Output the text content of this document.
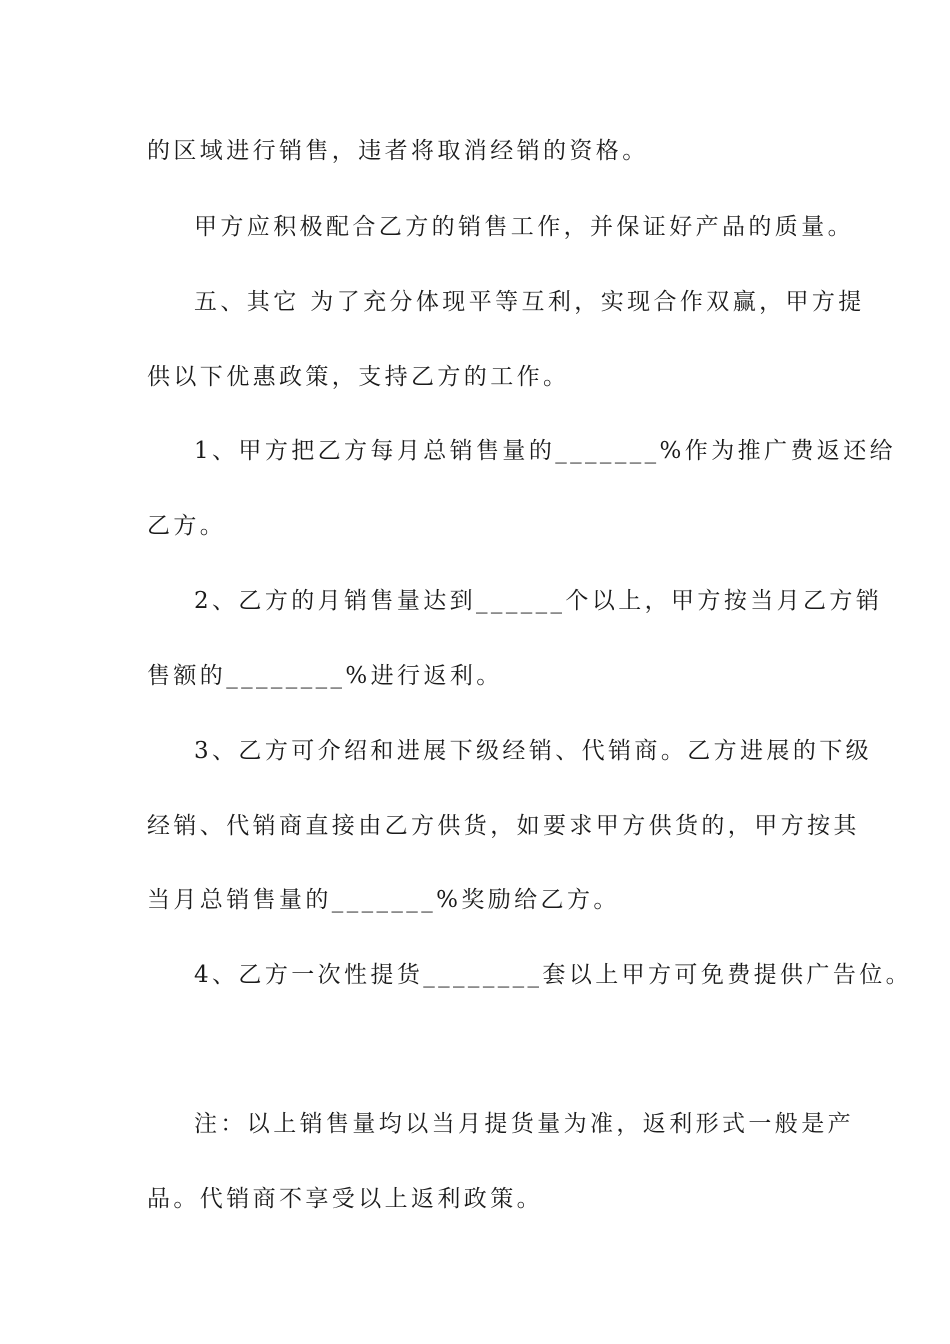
的区域进行销售，违者将取消经销的资格。
甲方应积极配合乙方的销售工作，并保证好产品的质量。
五、其它 为了充分体现平等互利，实现合作双赢，甲方提
供以下优惠政策，支持乙方的工作。
1、甲方把乙方每月总销售量的_______%作为推广费返还给
乙方。
2、乙方的月销售量达到______个以上，甲方按当月乙方销
售额的________%进行返利。
3、乙方可介绍和进展下级经销、代销商。乙方进展的下级
经销、代销商直接由乙方供货，如要求甲方供货的，甲方按其
当月总销售量的_______%奖励给乙方。
4、乙方一次性提货________套以上甲方可免费提供广告位。
注：以上销售量均以当月提货量为准，返利形式一般是产
品。代销商不享受以上返利政策。
